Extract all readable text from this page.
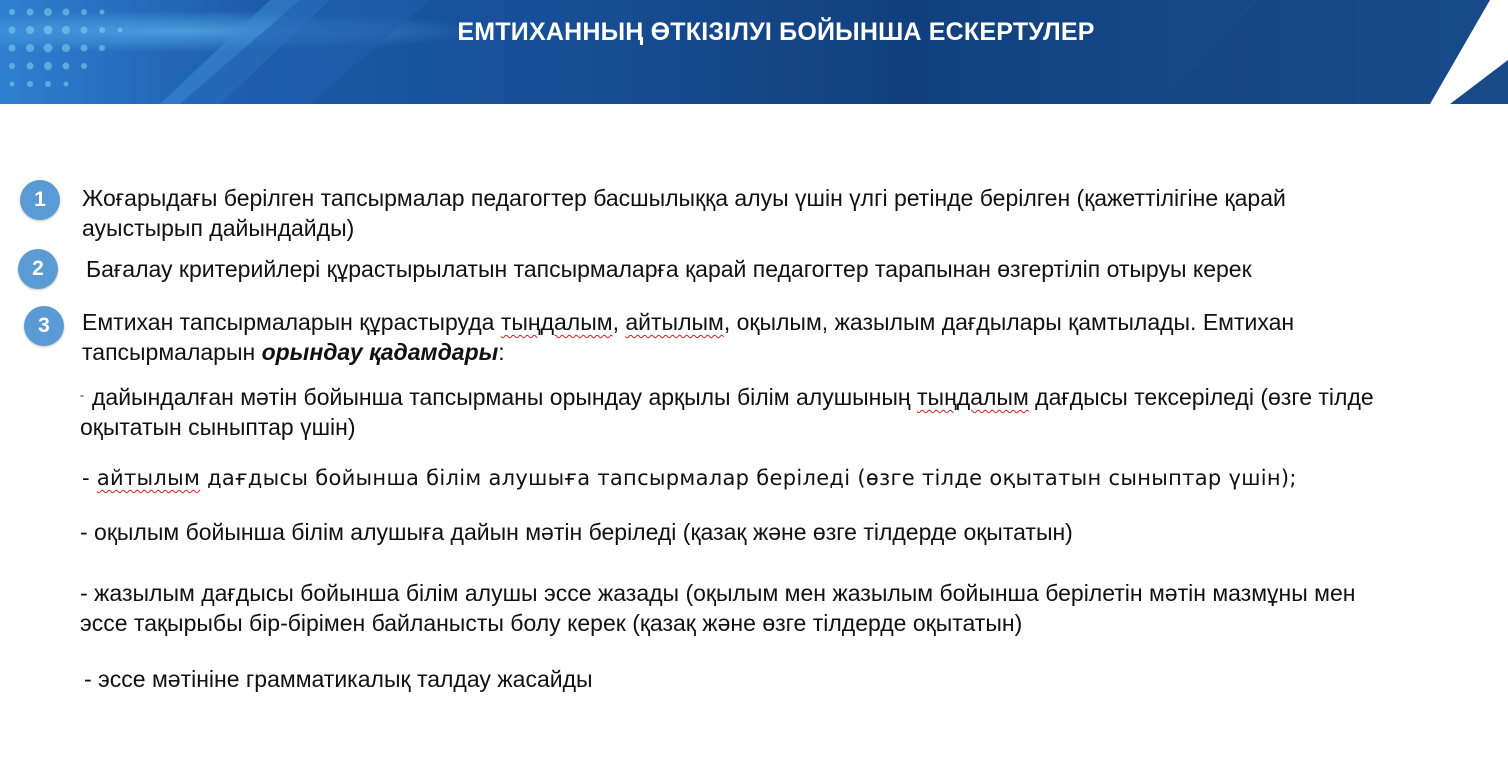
ЕМТИХАННЫҢ ӨТКІЗІЛУІ БОЙЫНША ЕСКЕРТУЛЕР
1	Жоғарыдағы берілген тапсырмалар педагогтер басшылыққа алуы үшін үлгі ретінде берілген (қажеттілігіне қарай ауыстырып дайындайды)
2	Бағалау критерийлері құрастырылатын тапсырмаларға қарай педагогтер тарапынан өзгертіліп отыруы керек
3	Емтихан тапсырмаларын құрастыруда тыңдалым, айтылым, оқылым, жазылым дағдылары қамтылады. Емтихан тапсырмаларын орындау қадамдары:
- дайындалған мәтін бойынша тапсырманы орындау арқылы білім алушының тыңдалым дағдысы тексеріледі (өзге тілде оқытатын сыныптар үшін)
- айтылым дағдысы бойынша білім алушыға тапсырмалар беріледі (өзге тілде оқытатын сыныптар үшін);
- оқылым бойынша білім алушыға дайын мәтін беріледі (қазақ және өзге тілдерде оқытатын)
- жазылым дағдысы бойынша білім алушы эссе жазады (оқылым мен жазылым бойынша берілетін мәтін мазмұны мен эссе тақырыбы бір-бірімен байланысты болу керек (қазақ және өзге тілдерде оқытатын)
- эссе мәтініне грамматикалық талдау жасайды
